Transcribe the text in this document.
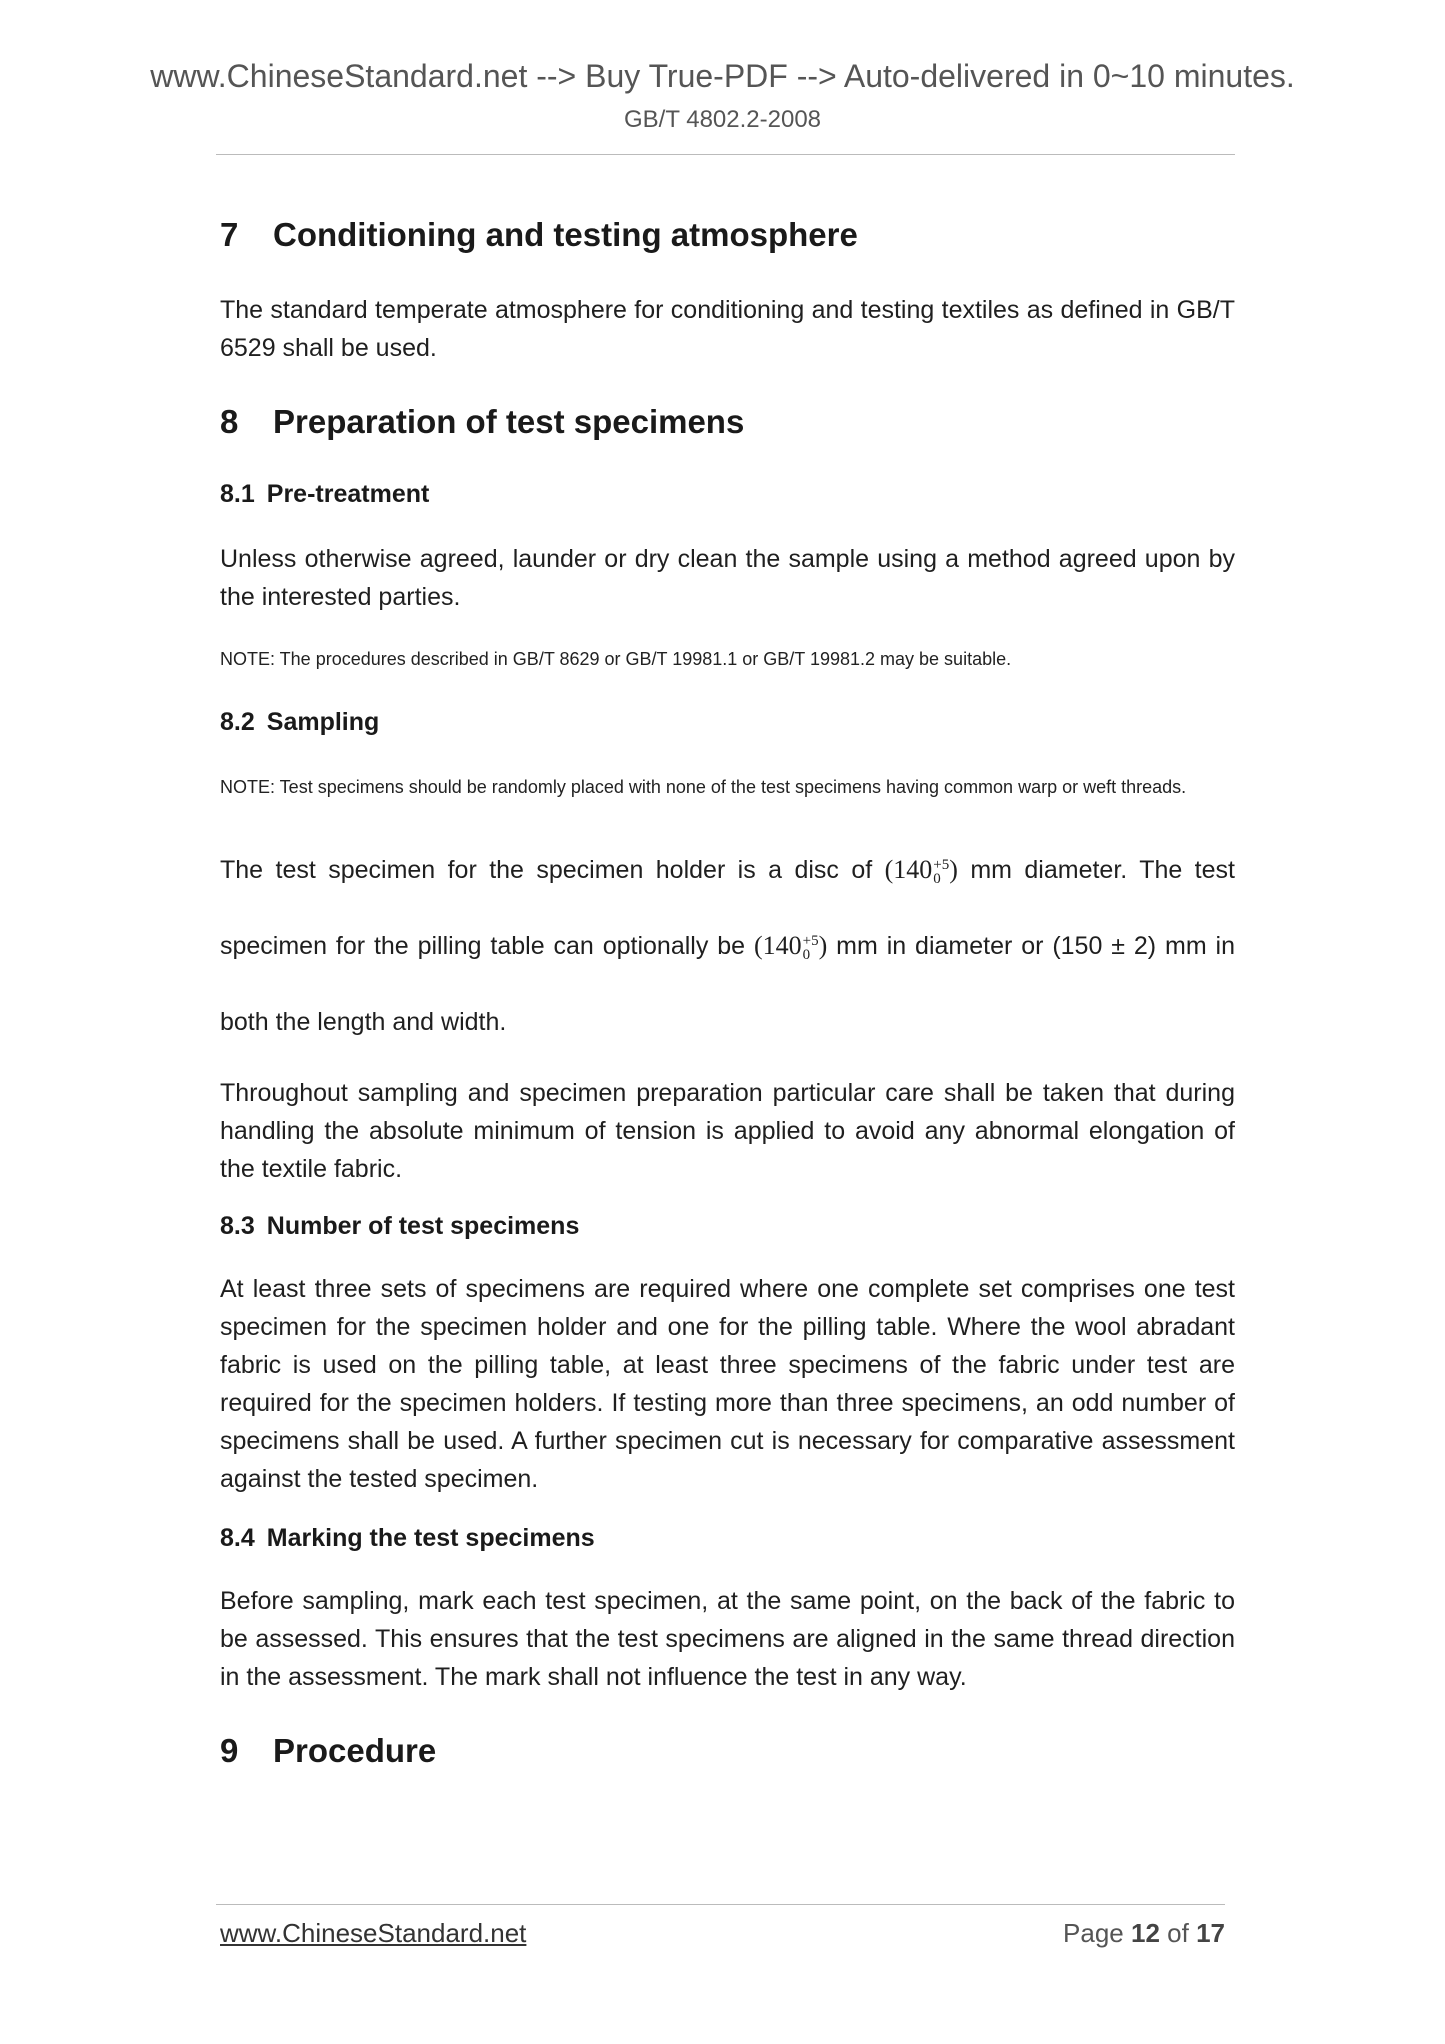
www.ChineseStandard.net --> Buy True-PDF --> Auto-delivered in 0~10 minutes.
GB/T 4802.2-2008
7 Conditioning and testing atmosphere

The standard temperate atmosphere for conditioning and testing textiles as defined in GB/T 6529 shall be used.

8 Preparation of test specimens
8.1 Pre-treatment

Unless otherwise agreed, launder or dry clean the sample using a method agreed upon by the interested parties.

NOTE: The procedures described in GB/T 8629 or GB/T 19981.1 or GB/T 19981.2 may be suitable.

8.2 Sampling

NOTE: Test specimens should be randomly placed with none of the test specimens having common warp or weft threads.

The test specimen for the specimen holder is a disc of (140 +5
0 ) mm diameter. The test specimen for the pilling table can optionally be (140 +5
0 ) mm in diameter or (150 ± 2) mm in both the length and width.

Throughout sampling and specimen preparation particular care shall be taken that during handling the absolute minimum of tension is applied to avoid any abnormal elongation of the textile fabric.

8.3 Number of test specimens

At least three sets of specimens are required where one complete set comprises one test specimen for the specimen holder and one for the pilling table. Where the wool abradant fabric is used on the pilling table, at least three specimens of the fabric under test are required for the specimen holders. If testing more than three specimens, an odd number of specimens shall be used. A further specimen cut is necessary for comparative assessment against the tested specimen.

8.4 Marking the test specimens

Before sampling, mark each test specimen, at the same point, on the back of the fabric to be assessed. This ensures that the test specimens are aligned in the same thread direction in the assessment. The mark shall not influence the test in any way.

9 Procedure
www.ChineseStandard.net	Page 12 of 17
